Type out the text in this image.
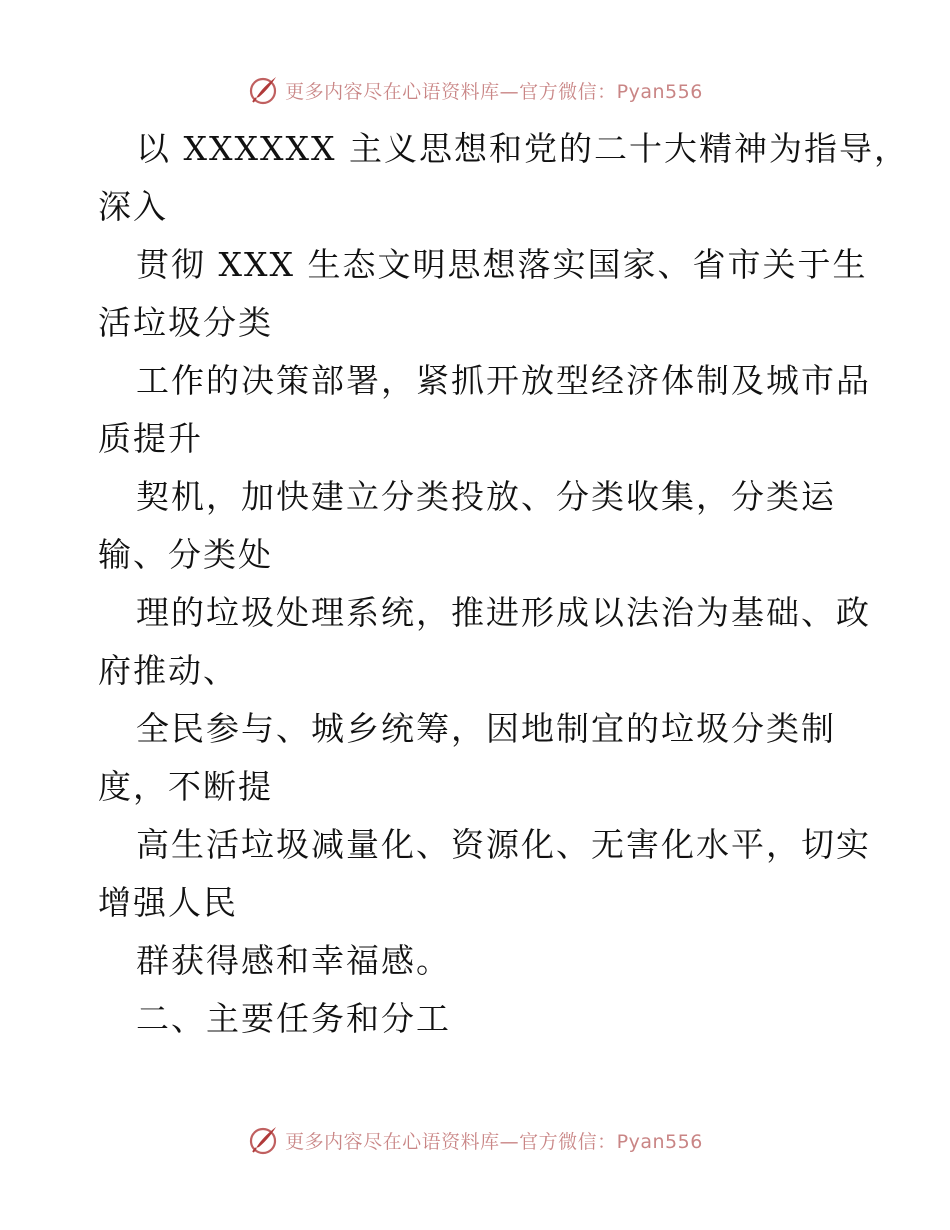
更多内容尽在心语资料库—官方微信：Pyan556
以 XXXXXX 主义思想和党的二十大精神为指导，
深入
贯彻 XXX 生态文明思想落实国家、省市关于生
活垃圾分类
工作的决策部署，紧抓开放型经济体制及城市品
质提升
契机，加快建立分类投放、分类收集，分类运
输、分类处
理的垃圾处理系统，推进形成以法治为基础、政
府推动、
全民参与、城乡统筹，因地制宜的垃圾分类制
度，不断提
高生活垃圾减量化、资源化、无害化水平，切实
增强人民
群获得感和幸福感。
二、主要任务和分工
更多内容尽在心语资料库—官方微信：Pyan556
